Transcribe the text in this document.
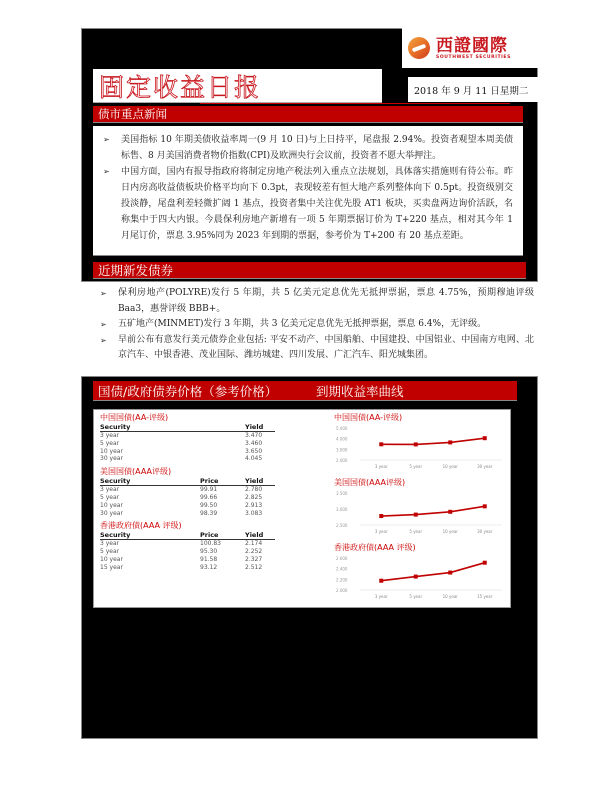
西證國際
SOUTHWEST SECURITIES
固定收益日报	2018 年 9 月 11 日星期二
债市重点新闻
➢	美国指标 10 年期美债收益率周一(9 月 10 日)与上日持平，尾盘报 2.94%。投资者观望本周美债标售、8 月美国消费者物价指数(CPI)及欧洲央行会议前，投资者不愿大举押注。
➢	中国方面，国内有报导指政府将制定房地产税法列入重点立法规划，具体落实措施则有待公布。昨日内房高收益债板块价格平均向下 0.3pt，表现较差有恒大地产系列整体向下 0.5pt。投资级别交投淡静，尾盘利差轻微扩阔 1 基点，投资者集中关注优先股 AT1 板块，买卖盘两边询价活跃，名称集中于四大内银。今晨保利房地产新增有一项 5 年期票据订价为 T+220 基点，相对其今年 1 月尾订价，票息 3.95%同为 2023 年到期的票据，参考价为 T+200 有 20 基点差距。
近期新发债券
➢	保利房地产(POLYRE)发行 5 年期，共 5 亿美元定息优先无抵押票据，票息 4.75%，预期穆迪评级 Baa3，惠誉评级 BBB+。
➢	五矿地产(MINMET)发行 3 年期，共 3 亿美元定息优先无抵押票据，票息 6.4%，无评级。
➢	早前公布有意发行美元债券企业包括: 平安不动产、中国船舶、中国建投、中国铝业、中国南方电网、北京汽车、中银香港、茂业国际、潍坊城建、四川发展、广汇汽车、阳光城集团。
国债/政府债券价格（参考价格）	到期收益率曲线
中国国债(AA-评级)
Security		Yield
3 year		3.470
5 year		3.460
10 year		3.650
30 year		4.045
美国国债(AAA评级)
Security	Price	Yield
3 year	99.91	2.780
5 year	99.66	2.825
10 year	99.50	2.913
30 year	98.39	3.083
香港政府债(AAA 评级)
Security	Price	Yield
3 year	100.83	2.174
5 year	95.30	2.252
10 year	91.58	2.327
15 year	93.12	2.512
中国国债(AA-评级)
5.000
4.000
3.000
2.000
3 year	5 year	10 year	30 year
美国国债(AAA评级)
3.500
3.000
2.500
3 year	5 year	10 year	30 year
香港政府债(AAA 评级)
2.600
2.400
2.200
2.000
3 year	5 year	10 year	15 year
